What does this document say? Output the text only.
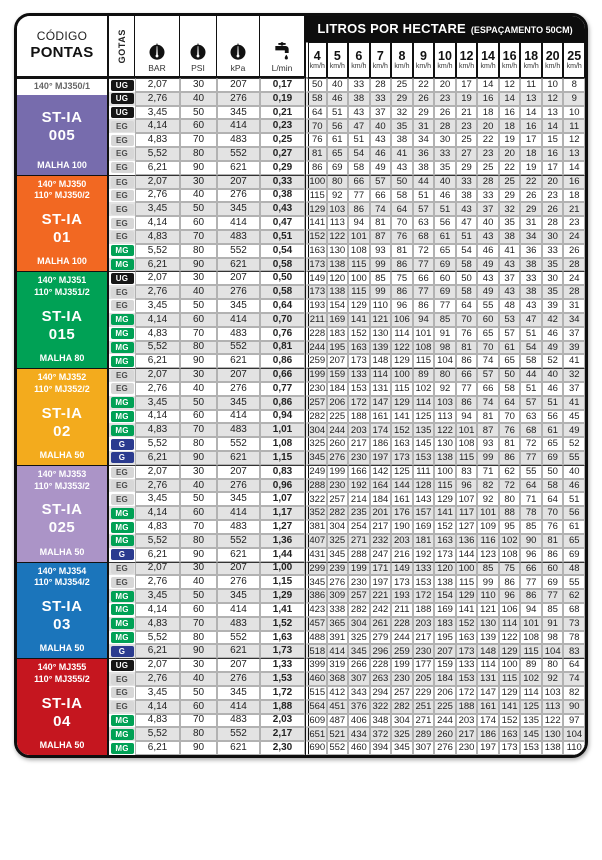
CÓDIGO
PONTAS	GOTAS
BAR	PSI	kPa	L/min
LITROS POR HECTARE (ESPAÇAMENTO 50CM)
4
km/h
5
km/h
6
km/h
7
km/h
8
km/h
9
km/h
10
km/h
12
km/h
14
km/h
16
km/h
18
km/h
20
km/h
25
km/h
140° MJ350/1
ST-IA
005
MALHA 100
UG	2,07	30	207	0,17	50 40	33	28	25	22	20	17	14	12	11	10	8
UG	2,76	40	276	0,19	58 46	38	33	29	26	23	19	16	14	13	12	9
UG	3,45	50	345	0,21	64 51	43	37	32	29	26	21	18	16	14	13	10
EG	4,14	60	414	0,23	70 56	47	40	35	31	28	23	20	18	16	14	11
EG	4,83	70	483	0,25	76 61	51	43	38	34	30	25	22	19	17	15	12
EG	5,52	80	552	0,27	81 65	54	46	41	36	33	27	23	20	18	16	13
EG	6,21	90	621	0,29	86 69	58	49	43	38	35	29	25	22	19	17	14
140° MJ350
110° MJ350/2
ST-IA
01
MALHA 100
EG	2,07	30	207	0,33	100 80	66	57	50	44	40	33	28	25	22	20	16
EG	2,76	40	276	0,38	115 92	77	66	58	51	46	38	33	29	26	23	18
EG	3,45	50	345	0,43	129 103 86	74	64	57	51	43	37	32	29	26	21
EG	4,14	60	414	0,47	141 113 94	81	70	63	56	47	40	35	31	28	23
EG	4,83	70	483	0,51	152 122 101 87	76	68	61	51	43	38	34	30	24
MG	5,52	80	552	0,54	163 130 108 93	81	72	65	54	46	41	36	33	26
MG	6,21	90	621	0,58	173 138 115 99	86	77	69	58	49	43	38	35	28
140° MJ351
110° MJ351/2
ST-IA
015
MALHA 80
UG	2,07	30	207	0,50	149 120 100 85	75	66	60	50	43	37	33	30	24
EG	2,76	40	276	0,58	173 138 115 99	86	77	69	58	49	43	38	35	28
EG	3,45	50	345	0,64	193 154 129 110 96	86	77	64	55	48	43	39	31
MG	4,14	60	414	0,70	211 169 141 121 106 94	85	70	60	53	47	42	34
MG	4,83	70	483	0,76	228 183 152 130 114 101 91	76	65	57	51	46	37
MG	5,52	80	552	0,81	244 195 163 139 122 108 98	81	70	61	54	49	39
MG	6,21	90	621	0,86	259 207 173 148 129 115 104 86	74	65	58	52	41
140° MJ352
110° MJ352/2
ST-IA
02
MALHA 50
EG	2,07	30	207	0,66	199 159 133 114 100 89	80	66	57	50	44	40	32
EG	2,76	40	276	0,77	230 184 153 131 115 102 92	77	66	58	51	46	37
MG	3,45	50	345	0,86	257 206 172 147 129 114 103 86	74	64	57	51	41
MG	4,14	60	414	0,94	282 225 188 161 141 125 113 94	81	70	63	56	45
MG	4,83	70	483	1,01	304 244 203 174 152 135 122 101 87	76	68	61	49
G	5,52	80	552	1,08	325 260 217 186 163 145 130 108 93	81	72	65	52
G	6,21	90	621	1,15	345 276 230 197 173 153 138 115 99	86	77	69	55
140° MJ353
110° MJ353/2
ST-IA
025
MALHA 50
EG	2,07	30	207	0,83	249 199 166 142 125 111 100 83	71	62	55	50	40
EG	2,76	40	276	0,96	288 230 192 164 144 128 115 96	82	72	64	58	46
EG	3,45	50	345	1,07	322 257 214 184 161 143 129 107 92	80	71	64	51
MG	4,14	60	414	1,17	352 282 235 201 176 157 141 117 101 88	78	70	56
MG	4,83	70	483	1,27	381 304 254 217 190 169 152 127 109 95	85	76	61
MG	5,52	80	552	1,36	407 325 271 232 203 181 163 136 116 102 90	81	65
G	6,21	90	621	1,44	431 345 288 247 216 192 173 144 123 108 96	86	69
140° MJ354
110° MJ354/2
ST-IA
03
MALHA 50
EG	2,07	30	207	1,00	299 239 199 171 149 133 120 100 85	75	66	60	48
EG	2,76	40	276	1,15	345 276 230 197 173 153 138 115 99	86	77	69	55
MG	3,45	50	345	1,29	386 309 257 221 193 172 154 129 110 96	86	77	62
MG	4,14	60	414	1,41	423 338 282 242 211 188 169 141 121 106 94	85	68
MG	4,83	70	483	1,52	457 365 304 261 228 203 183 152 130 114 101 91	73
MG	5,52	80	552	1,63	488 391 325 279 244 217 195 163 139 122 108 98	78
G	6,21	90	621	1,73	518 414 345 296 259 230 207 173 148 129 115 104 83
140° MJ355
110° MJ355/2
ST-IA
04
MALHA 50
UG	2,07	30	207	1,33	399 319 266 228 199 177 159 133 114 100 89	80	64
EG	2,76	40	276	1,53	460 368 307 263 230 205 184 153 131 115 102 92	74
EG	3,45	50	345	1,72	515 412 343 294 257 229 206 172 147 129 114 103 82
EG	4,14	60	414	1,88	564 451 376 322 282 251 225 188 161 141 125 113 90
MG	4,83	70	483	2,03	609 487 406 348 304 271 244 203 174 152 135 122 97
MG	5,52	80	552	2,17	651 521 434 372 325 289 260 217 186 163 145 130 104
MG	6,21	90	621	2,30	690 552 460 394 345 307 276 230 197 173 153 138 110
